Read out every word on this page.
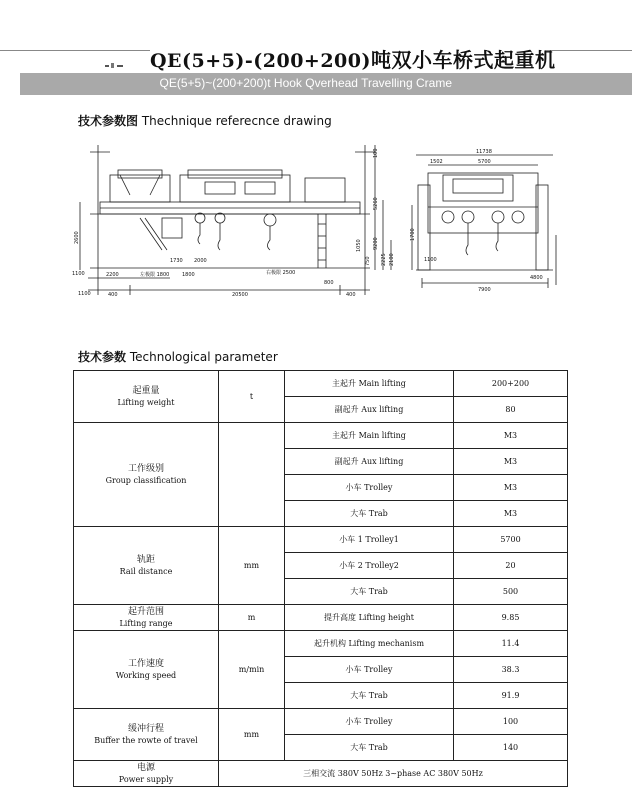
QE(5+5)-(200+200)吨双小车桥式起重机
QE(5+5)~(200+200)t Hook Qverhead Travelling Crame
技术参数图 Thechnique referecnce drawing
1100
2200
400	20500
1100
400
800
左极限 1800	右极限 2500
1800
1730 2000
5260
9200
2600
100
2225 2100
1050
750
11738
1502	5700
7900
1100
4800
1700
技术参数 Technological parameter
起重量
Lifting weight	t	主起升 Main lifting	200+200
		副起升 Aux lifting	80

工作级别
Group classification		主起升 Main lifting	M3
		副起升 Aux lifting	M3
		小车 Trolley	M3
		大车 Trab	M3

轨距
Rail distance	mm	小车 1 Trolley1	5700
		小车 2 Trolley2	20
		大车 Trab	500

起升范围
Lifting range	m	提升高度 Lifting height	9.85

工作速度
Working speed	m/min	起升机构 Lifting mechanism	11.4
		小车 Trolley	38.3
		大车 Trab	91.9

缓冲行程
Buffer the rowte of travel	mm	小车 Trolley	100
		大车 Trab	140

电源
Power supply	三相交流 380V 50Hz 3~phase AC 380V 50Hz		
